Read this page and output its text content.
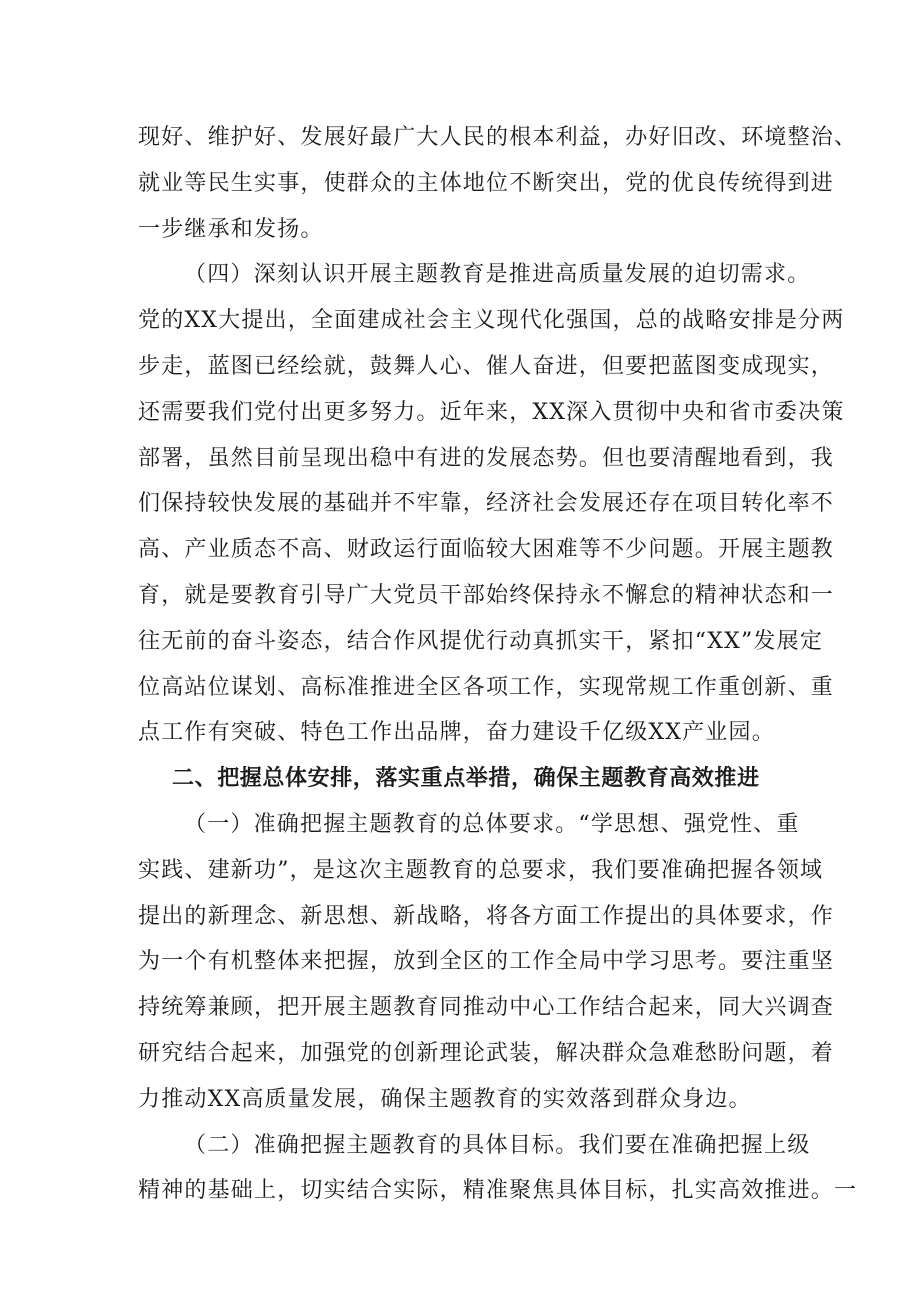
现好、维护好、发展好最广大人民的根本利益，办好旧改、环境整治、
就业等民生实事，使群众的主体地位不断突出，党的优良传统得到进
一步继承和发扬。
（四）深刻认识开展主题教育是推进高质量发展的迫切需求。
党的XX大提出，全面建成社会主义现代化强国，总的战略安排是分两
步走，蓝图已经绘就，鼓舞人心、催人奋进，但要把蓝图变成现实，
还需要我们党付出更多努力。近年来，XX深入贯彻中央和省市委决策
部署，虽然目前呈现出稳中有进的发展态势。但也要清醒地看到，我
们保持较快发展的基础并不牢靠，经济社会发展还存在项目转化率不
高、产业质态不高、财政运行面临较大困难等不少问题。开展主题教
育，就是要教育引导广大党员干部始终保持永不懈怠的精神状态和一
往无前的奋斗姿态，结合作风提优行动真抓实干，紧扣“XX”发展定
位高站位谋划、高标准推进全区各项工作，实现常规工作重创新、重
点工作有突破、特色工作出品牌，奋力建设千亿级XX产业园。
二、把握总体安排，落实重点举措，确保主题教育高效推进
（一）准确把握主题教育的总体要求。“学思想、强党性、重
实践、建新功”，是这次主题教育的总要求，我们要准确把握各领域
提出的新理念、新思想、新战略，将各方面工作提出的具体要求，作
为一个有机整体来把握，放到全区的工作全局中学习思考。要注重坚
持统筹兼顾，把开展主题教育同推动中心工作结合起来，同大兴调查
研究结合起来，加强党的创新理论武装，解决群众急难愁盼问题，着
力推动XX高质量发展，确保主题教育的实效落到群众身边。
（二）准确把握主题教育的具体目标。我们要在准确把握上级
精神的基础上，切实结合实际，精准聚焦具体目标，扎实高效推进。一
